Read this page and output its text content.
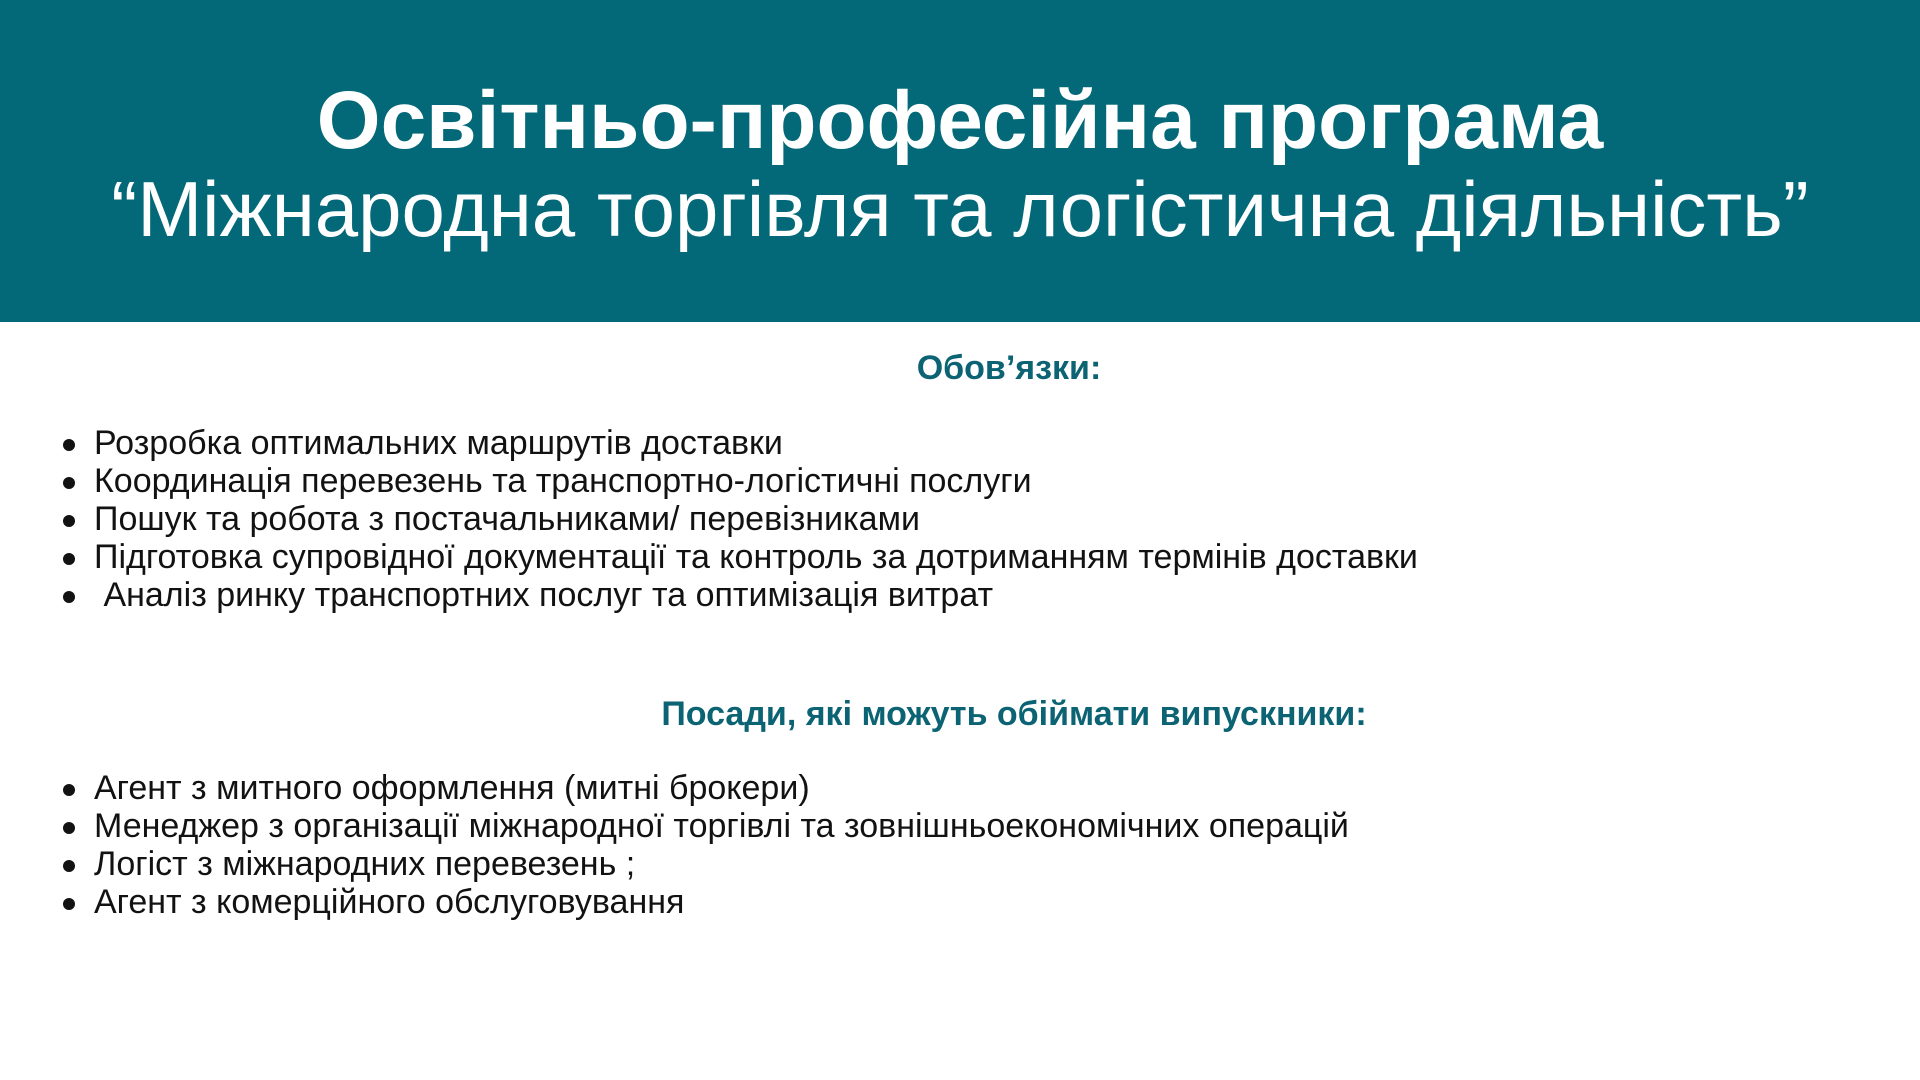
Освітньо-професійна програма
“Міжнародна торгівля та логістична діяльність”
Обов’язки:
Розробка оптимальних маршрутів доставки
Координація перевезень та транспортно-логістичні послуги
Пошук та робота з постачальниками/ перевізниками
Підготовка супровідної документації та контроль за дотриманням термінів доставки
Аналіз ринку транспортних послуг та оптимізація витрат
Посади, які можуть обіймати випускники:
Агент з митного оформлення (митні брокери)
Менеджер з організації міжнародної торгівлі та зовнішньоекономічних операцій
Логіст з міжнародних перевезень ;
Агент з комерційного обслуговування
